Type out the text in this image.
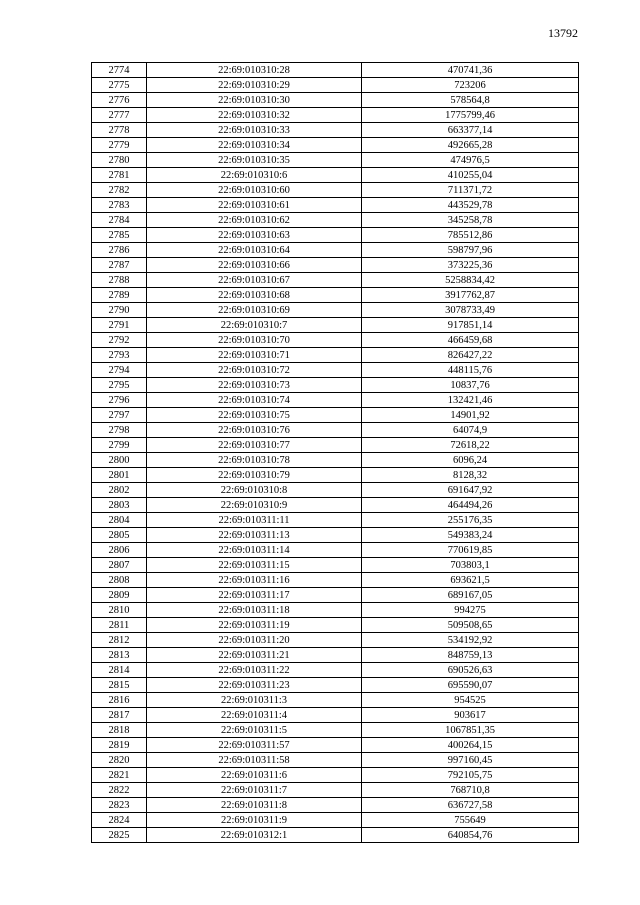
13792
2774	22:69:010310:28	470741,36
2775	22:69:010310:29	723206
2776	22:69:010310:30	578564,8
2777	22:69:010310:32	1775799,46
2778	22:69:010310:33	663377,14
2779	22:69:010310:34	492665,28
2780	22:69:010310:35	474976,5
2781	22:69:010310:6	410255,04
2782	22:69:010310:60	711371,72
2783	22:69:010310:61	443529,78
2784	22:69:010310:62	345258,78
2785	22:69:010310:63	785512,86
2786	22:69:010310:64	598797,96
2787	22:69:010310:66	373225,36
2788	22:69:010310:67	5258834,42
2789	22:69:010310:68	3917762,87
2790	22:69:010310:69	3078733,49
2791	22:69:010310:7	917851,14
2792	22:69:010310:70	466459,68
2793	22:69:010310:71	826427,22
2794	22:69:010310:72	448115,76
2795	22:69:010310:73	10837,76
2796	22:69:010310:74	132421,46
2797	22:69:010310:75	14901,92
2798	22:69:010310:76	64074,9
2799	22:69:010310:77	72618,22
2800	22:69:010310:78	6096,24
2801	22:69:010310:79	8128,32
2802	22:69:010310:8	691647,92
2803	22:69:010310:9	464494,26
2804	22:69:010311:11	255176,35
2805	22:69:010311:13	549383,24
2806	22:69:010311:14	770619,85
2807	22:69:010311:15	703803,1
2808	22:69:010311:16	693621,5
2809	22:69:010311:17	689167,05
2810	22:69:010311:18	994275
2811	22:69:010311:19	509508,65
2812	22:69:010311:20	534192,92
2813	22:69:010311:21	848759,13
2814	22:69:010311:22	690526,63
2815	22:69:010311:23	695590,07
2816	22:69:010311:3	954525
2817	22:69:010311:4	903617
2818	22:69:010311:5	1067851,35
2819	22:69:010311:57	400264,15
2820	22:69:010311:58	997160,45
2821	22:69:010311:6	792105,75
2822	22:69:010311:7	768710,8
2823	22:69:010311:8	636727,58
2824	22:69:010311:9	755649
2825	22:69:010312:1	640854,76
